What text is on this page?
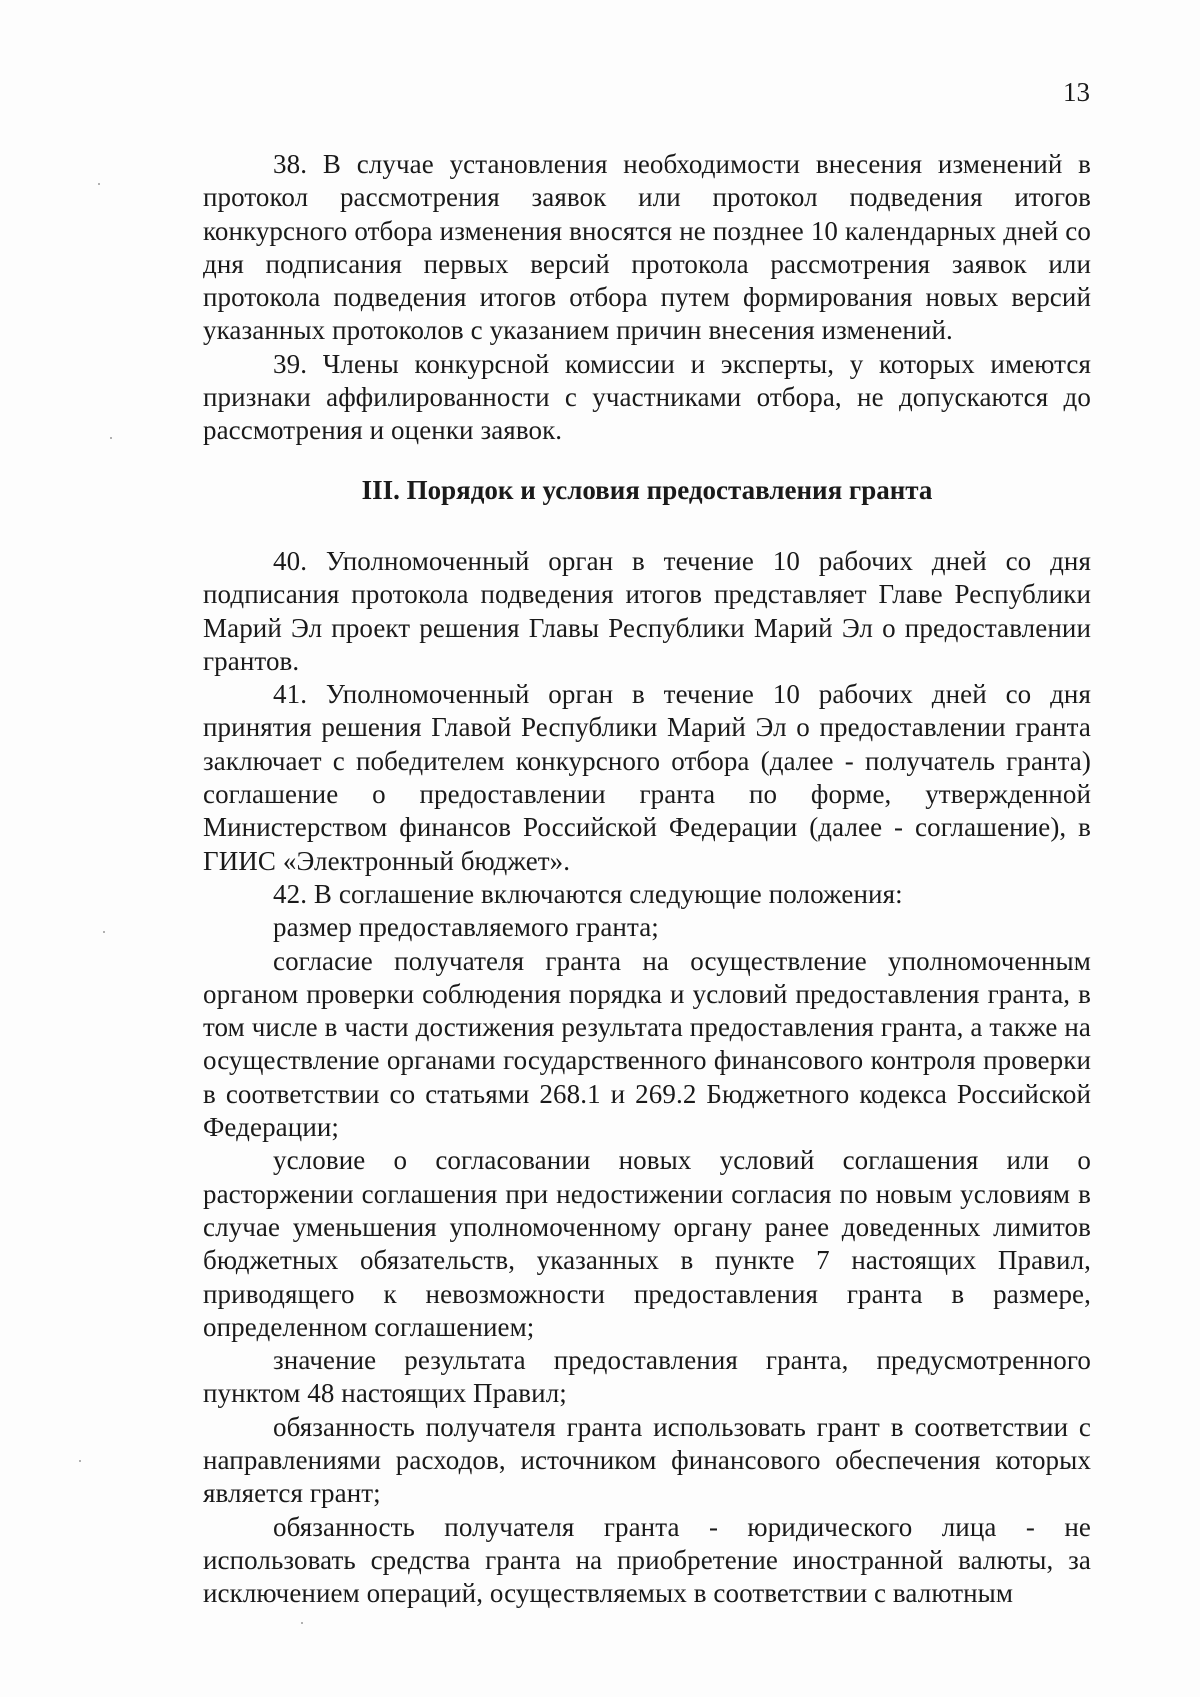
13

38. В случае установления необходимости внесения изменений в протокол рассмотрения заявок или протокол подведения итогов конкурсного отбора изменения вносятся не позднее 10 календарных дней со дня подписания первых версий протокола рассмотрения заявок или протокола подведения итогов отбора путем формирования новых версий указанных протоколов с указанием причин внесения изменений.

39. Члены конкурсной комиссии и эксперты, у которых имеются признаки аффилированности с участниками отбора, не допускаются до рассмотрения и оценки заявок.

III. Порядок и условия предоставления гранта

40. Уполномоченный орган в течение 10 рабочих дней со дня подписания протокола подведения итогов представляет Главе Республики Марий Эл проект решения Главы Республики Марий Эл о предоставлении грантов.

41. Уполномоченный орган в течение 10 рабочих дней со дня принятия решения Главой Республики Марий Эл о предоставлении гранта заключает с победителем конкурсного отбора (далее - получатель гранта) соглашение о предоставлении гранта по форме, утвержденной Министерством финансов Российской Федерации (далее - соглашение), в ГИИС «Электронный бюджет».

42. В соглашение включаются следующие положения:

размер предоставляемого гранта;

согласие получателя гранта на осуществление уполномоченным органом проверки соблюдения порядка и условий предоставления гранта, в том числе в части достижения результата предоставления гранта, а также на осуществление органами государственного финансового контроля проверки в соответствии со статьями 268.1 и 269.2 Бюджетного кодекса Российской Федерации;

условие о согласовании новых условий соглашения или о расторжении соглашения при недостижении согласия по новым условиям в случае уменьшения уполномоченному органу ранее доведенных лимитов бюджетных обязательств, указанных в пункте 7 настоящих Правил, приводящего к невозможности предоставления гранта в размере, определенном соглашением;

значение результата предоставления гранта, предусмотренного пунктом 48 настоящих Правил;

обязанность получателя гранта использовать грант в соответствии с направлениями расходов, источником финансового обеспечения которых является грант;

обязанность получателя гранта - юридического лица - не использовать средства гранта на приобретение иностранной валюты, за исключением операций, осуществляемых в соответствии с валютным
